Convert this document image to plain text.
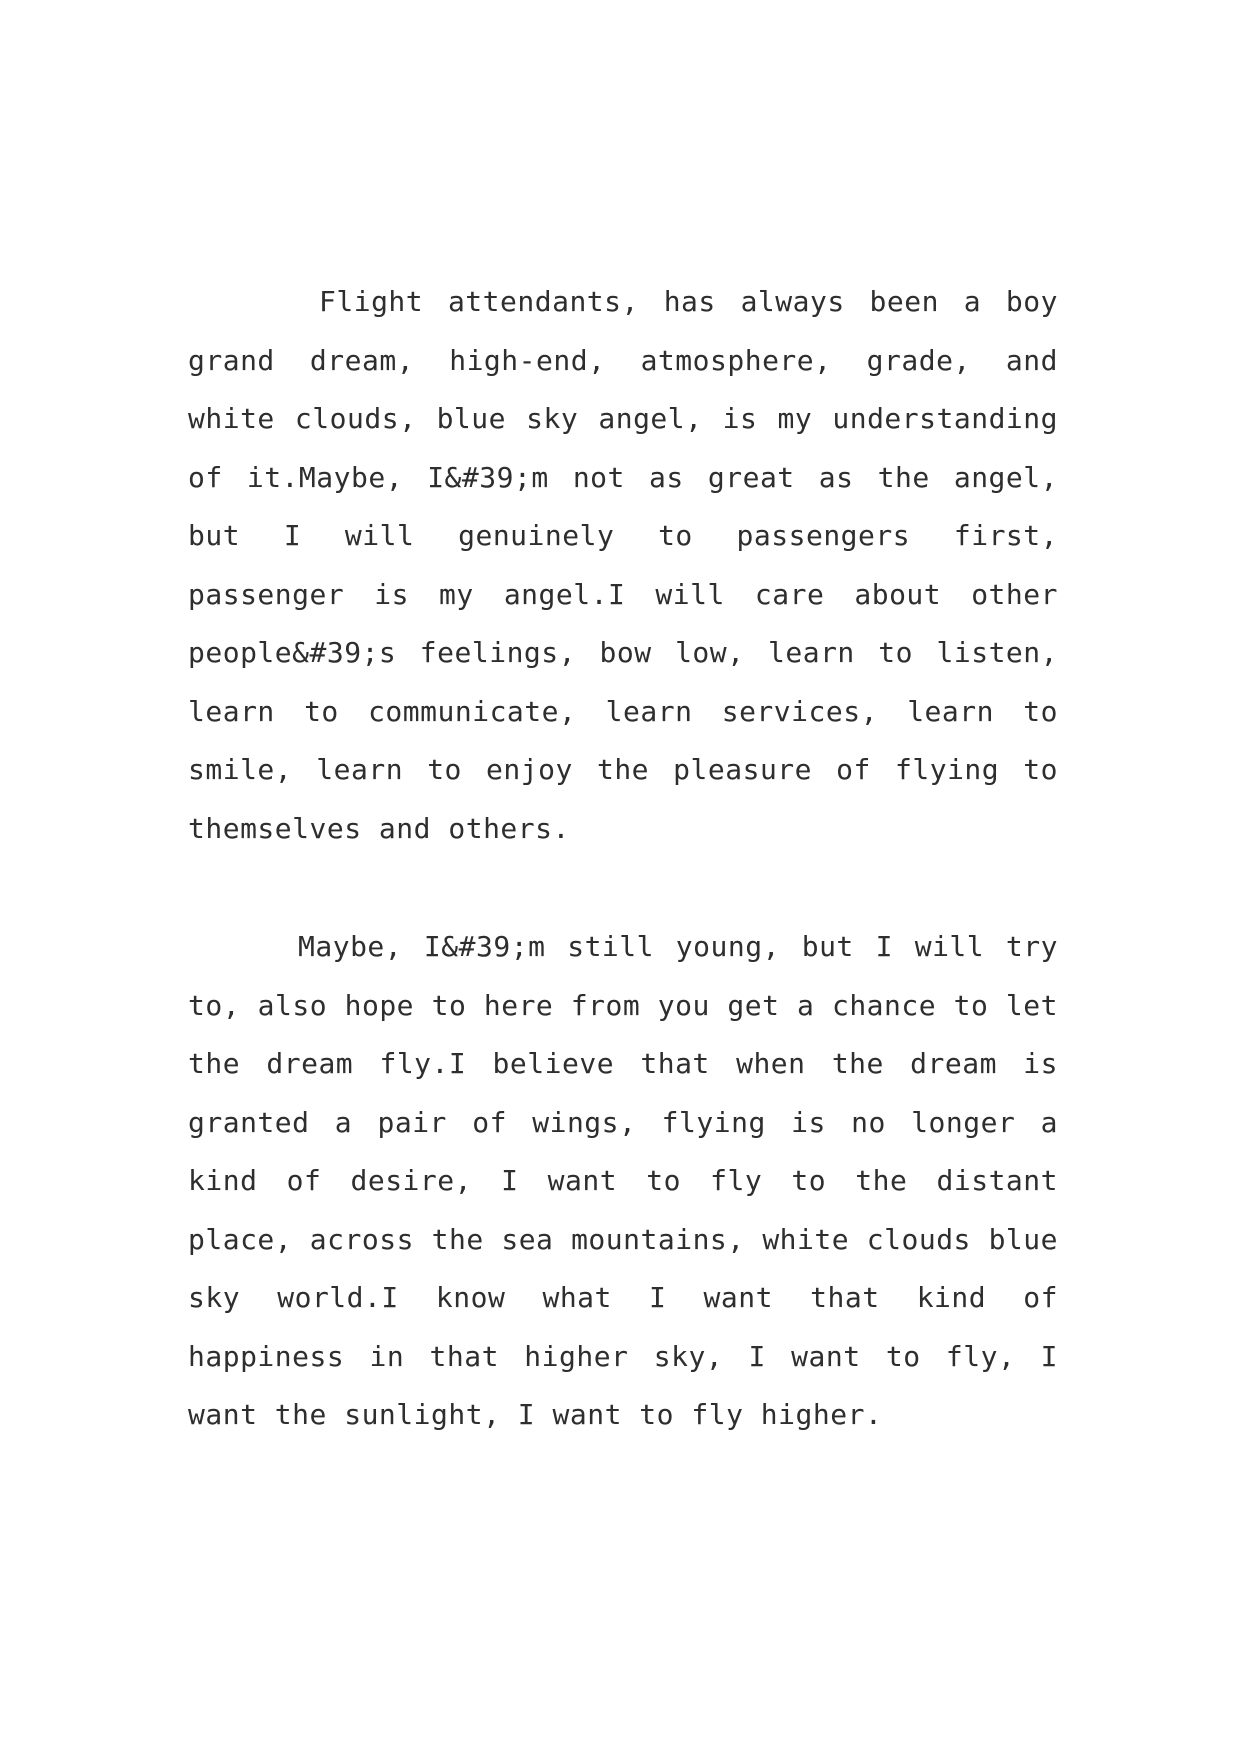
Flight attendants, has always been a boy grand dream, high-end, atmosphere, grade, and white clouds, blue sky angel, is my understanding of it.Maybe, I&#39;m not as great as the angel, but I will genuinely to passengers first, passenger is my angel.I will care about other people&#39;s feelings, bow low, learn to listen, learn to communicate, learn services, learn to smile, learn to enjoy the pleasure of flying to themselves and others.

Maybe, I&#39;m still young, but I will try to, also hope to here from you get a chance to let the dream fly.I believe that when the dream is granted a pair of wings, flying is no longer a kind of desire, I want to fly to the distant place, across the sea mountains, white clouds blue sky world.I know what I want that kind of happiness in that higher sky, I want to fly, I want the sunlight, I want to fly higher.
